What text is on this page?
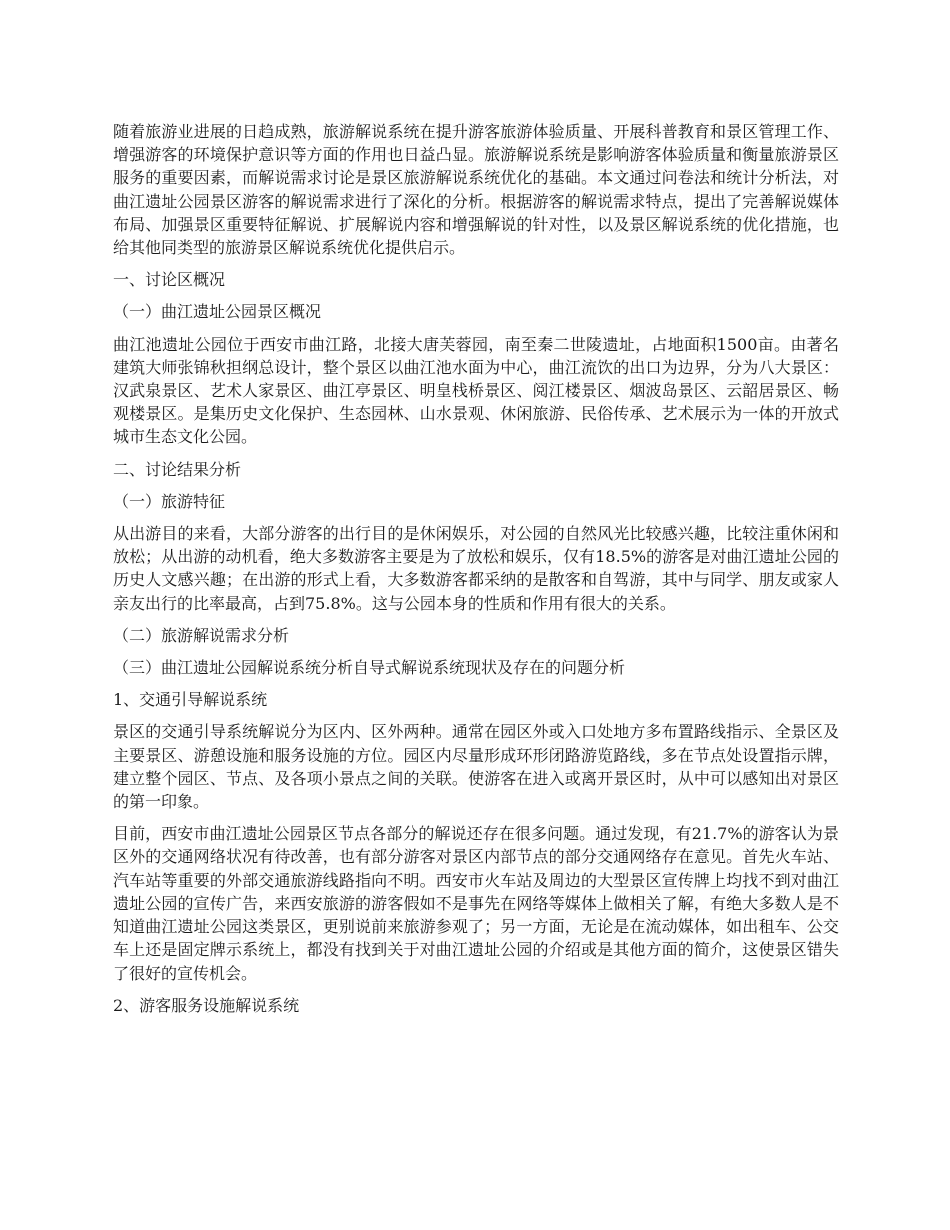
随着旅游业进展的日趋成熟，旅游解说系统在提升游客旅游体验质量、开展科普教育和景区管理工作、增强游客的环境保护意识等方面的作用也日益凸显。旅游解说系统是影响游客体验质量和衡量旅游景区服务的重要因素，而解说需求讨论是景区旅游解说系统优化的基础。本文通过问卷法和统计分析法，对曲江遗址公园景区游客的解说需求进行了深化的分析。根据游客的解说需求特点，提出了完善解说媒体布局、加强景区重要特征解说、扩展解说内容和增强解说的针对性，以及景区解说系统的优化措施，也给其他同类型的旅游景区解说系统优化提供启示。

一、讨论区概况

（一）曲江遗址公园景区概况

曲江池遗址公园位于西安市曲江路，北接大唐芙蓉园，南至秦二世陵遗址，占地面积1500亩。由著名建筑大师张锦秋担纲总设计，整个景区以曲江池水面为中心，曲江流饮的出口为边界，分为八大景区：汉武泉景区、艺术人家景区、曲江亭景区、明皇栈桥景区、阅江楼景区、烟波岛景区、云韶居景区、畅观楼景区。是集历史文化保护、生态园林、山水景观、休闲旅游、民俗传承、艺术展示为一体的开放式城市生态文化公园。

二、讨论结果分析

（一）旅游特征

从出游目的来看，大部分游客的出行目的是休闲娱乐，对公园的自然风光比较感兴趣，比较注重休闲和放松；从出游的动机看，绝大多数游客主要是为了放松和娱乐，仅有18.5%的游客是对曲江遗址公园的历史人文感兴趣；在出游的形式上看，大多数游客都采纳的是散客和自驾游，其中与同学、朋友或家人亲友出行的比率最高，占到75.8%。这与公园本身的性质和作用有很大的关系。

（二）旅游解说需求分析

（三）曲江遗址公园解说系统分析自导式解说系统现状及存在的问题分析

1、交通引导解说系统

景区的交通引导系统解说分为区内、区外两种。通常在园区外或入口处地方多布置路线指示、全景区及主要景区、游憩设施和服务设施的方位。园区内尽量形成环形闭路游览路线，多在节点处设置指示牌，建立整个园区、节点、及各项小景点之间的关联。使游客在进入或离开景区时，从中可以感知出对景区的第一印象。

目前，西安市曲江遗址公园景区节点各部分的解说还存在很多问题。通过发现，有21.7%的游客认为景区外的交通网络状况有待改善，也有部分游客对景区内部节点的部分交通网络存在意见。首先火车站、汽车站等重要的外部交通旅游线路指向不明。西安市火车站及周边的大型景区宣传牌上均找不到对曲江遗址公园的宣传广告，来西安旅游的游客假如不是事先在网络等媒体上做相关了解，有绝大多数人是不知道曲江遗址公园这类景区，更别说前来旅游参观了；另一方面，无论是在流动媒体，如出租车、公交车上还是固定牌示系统上，都没有找到关于对曲江遗址公园的介绍或是其他方面的简介，这使景区错失了很好的宣传机会。

2、游客服务设施解说系统
